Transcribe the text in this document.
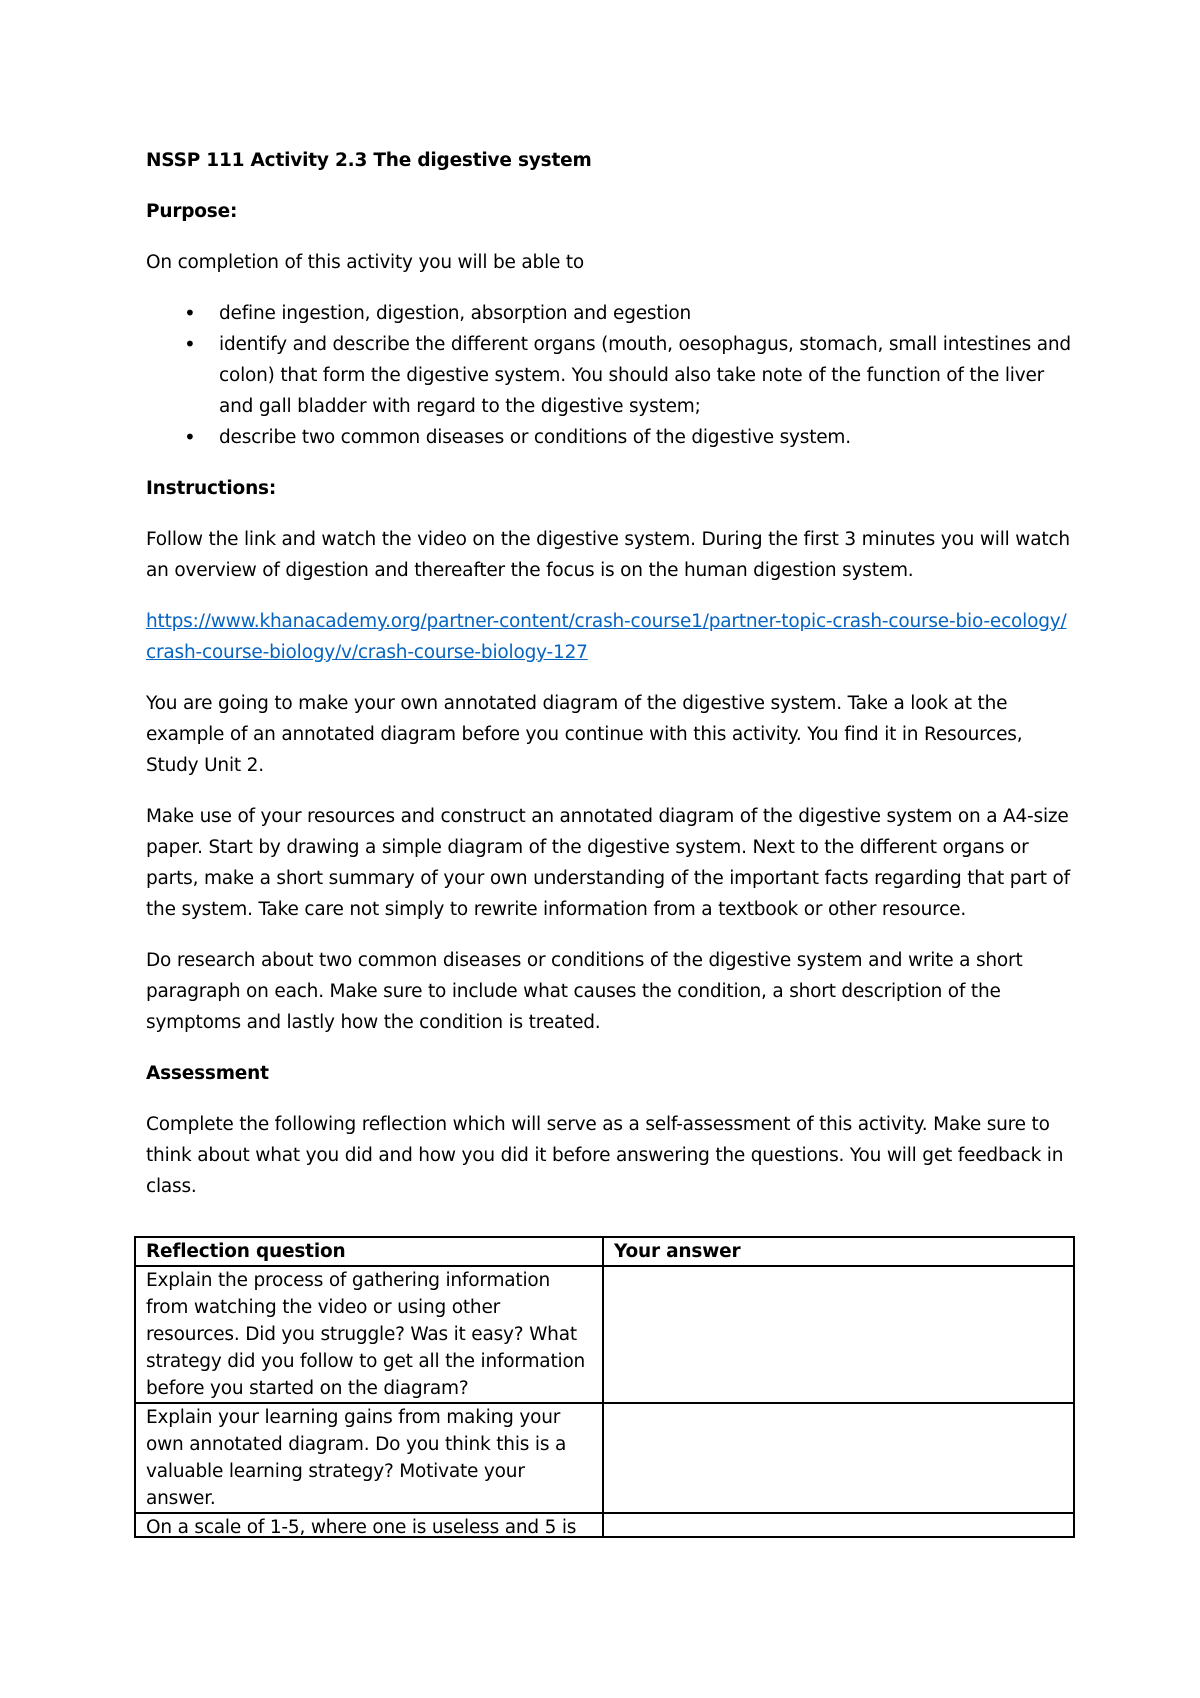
NSSP 111 Activity 2.3 The digestive system

Purpose:

On completion of this activity you will be able to

• define ingestion, digestion, absorption and egestion
• identify and describe the different organs (mouth, oesophagus, stomach, small intestines and colon) that form the digestive system. You should also take note of the function of the liver and gall bladder with regard to the digestive system;
• describe two common diseases or conditions of the digestive system.

Instructions:

Follow the link and watch the video on the digestive system. During the first 3 minutes you will watch an overview of digestion and thereafter the focus is on the human digestion system.

https://www.khanacademy.org/partner-content/crash-course1/partner-topic-crash-course-bio-ecology/crash-course-biology/v/crash-course-biology-127

You are going to make your own annotated diagram of the digestive system. Take a look at the example of an annotated diagram before you continue with this activity. You find it in Resources, Study Unit 2.

Make use of your resources and construct an annotated diagram of the digestive system on a A4-size paper. Start by drawing a simple diagram of the digestive system. Next to the different organs or parts, make a short summary of your own understanding of the important facts regarding that part of the system. Take care not simply to rewrite information from a textbook or other resource.

Do research about two common diseases or conditions of the digestive system and write a short paragraph on each. Make sure to include what causes the condition, a short description of the symptoms and lastly how the condition is treated.

Assessment

Complete the following reflection which will serve as a self-assessment of this activity. Make sure to think about what you did and how you did it before answering the questions. You will get feedback in class.

Reflection question	Your answer
Explain the process of gathering information from watching the video or using other resources. Did you struggle? Was it easy? What strategy did you follow to get all the information before you started on the diagram?	
Explain your learning gains from making your own annotated diagram. Do you think this is a valuable learning strategy? Motivate your answer.	

On a scale of 1-5, where one is useless and 5 is	
